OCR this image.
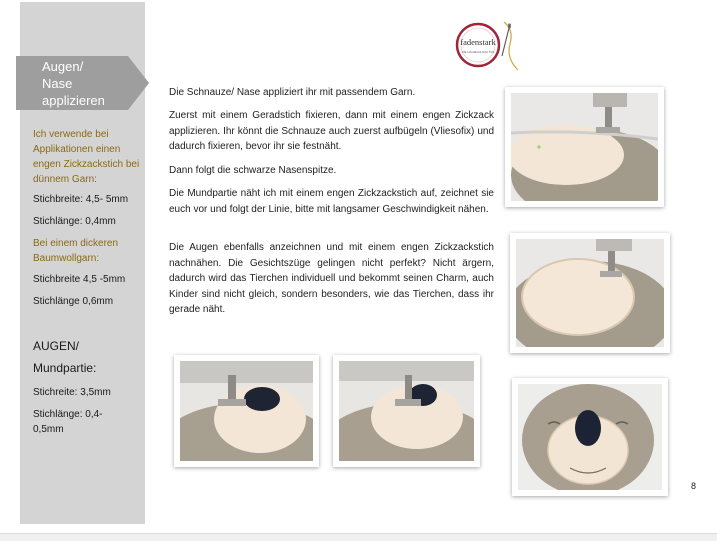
Augen/
Nase
applizieren
Ich verwende bei Applikationen einen engen Zickzackstich bei dünnem Garn:
Stichbreite: 4,5- 5mm
Stichlänge: 0,4mm
Bei einem dickeren Baumwollgarn:
Stichbreite 4,5 -5mm
Stichlänge 0,6mm
AUGEN/
Mundpartie:
Stichreite: 3,5mm
Stichlänge: 0,4-0,5mm
fadenstark
DIE NÄHMANUFAKTUR

Die Schnauze/ Nase appliziert ihr mit passendem Garn.

Zuerst mit einem Geradstich fixieren, dann mit einem engen Zickzack applizieren. Ihr könnt die Schnauze auch zuerst aufbügeln (Vliesofix) und dadurch fixieren, bevor ihr sie festnäht.

Dann folgt die schwarze Nasenspitze.

Die Mundpartie näht ich mit einem engen Zickzackstich auf, zeichnet sie euch vor und folgt der Linie, bitte mit langsamer Geschwindigkeit nähen.

Die Augen ebenfalls anzeichnen und mit einem engen Zickzackstich nachnähen. Die Gesichtszüge gelingen nicht perfekt? Nicht ärgern, dadurch wird das Tierchen individuell und bekommt seinen Charm, auch Kinder sind nicht gleich, sondern besonders, wie das Tierchen, dass ihr gerade näht.

8
